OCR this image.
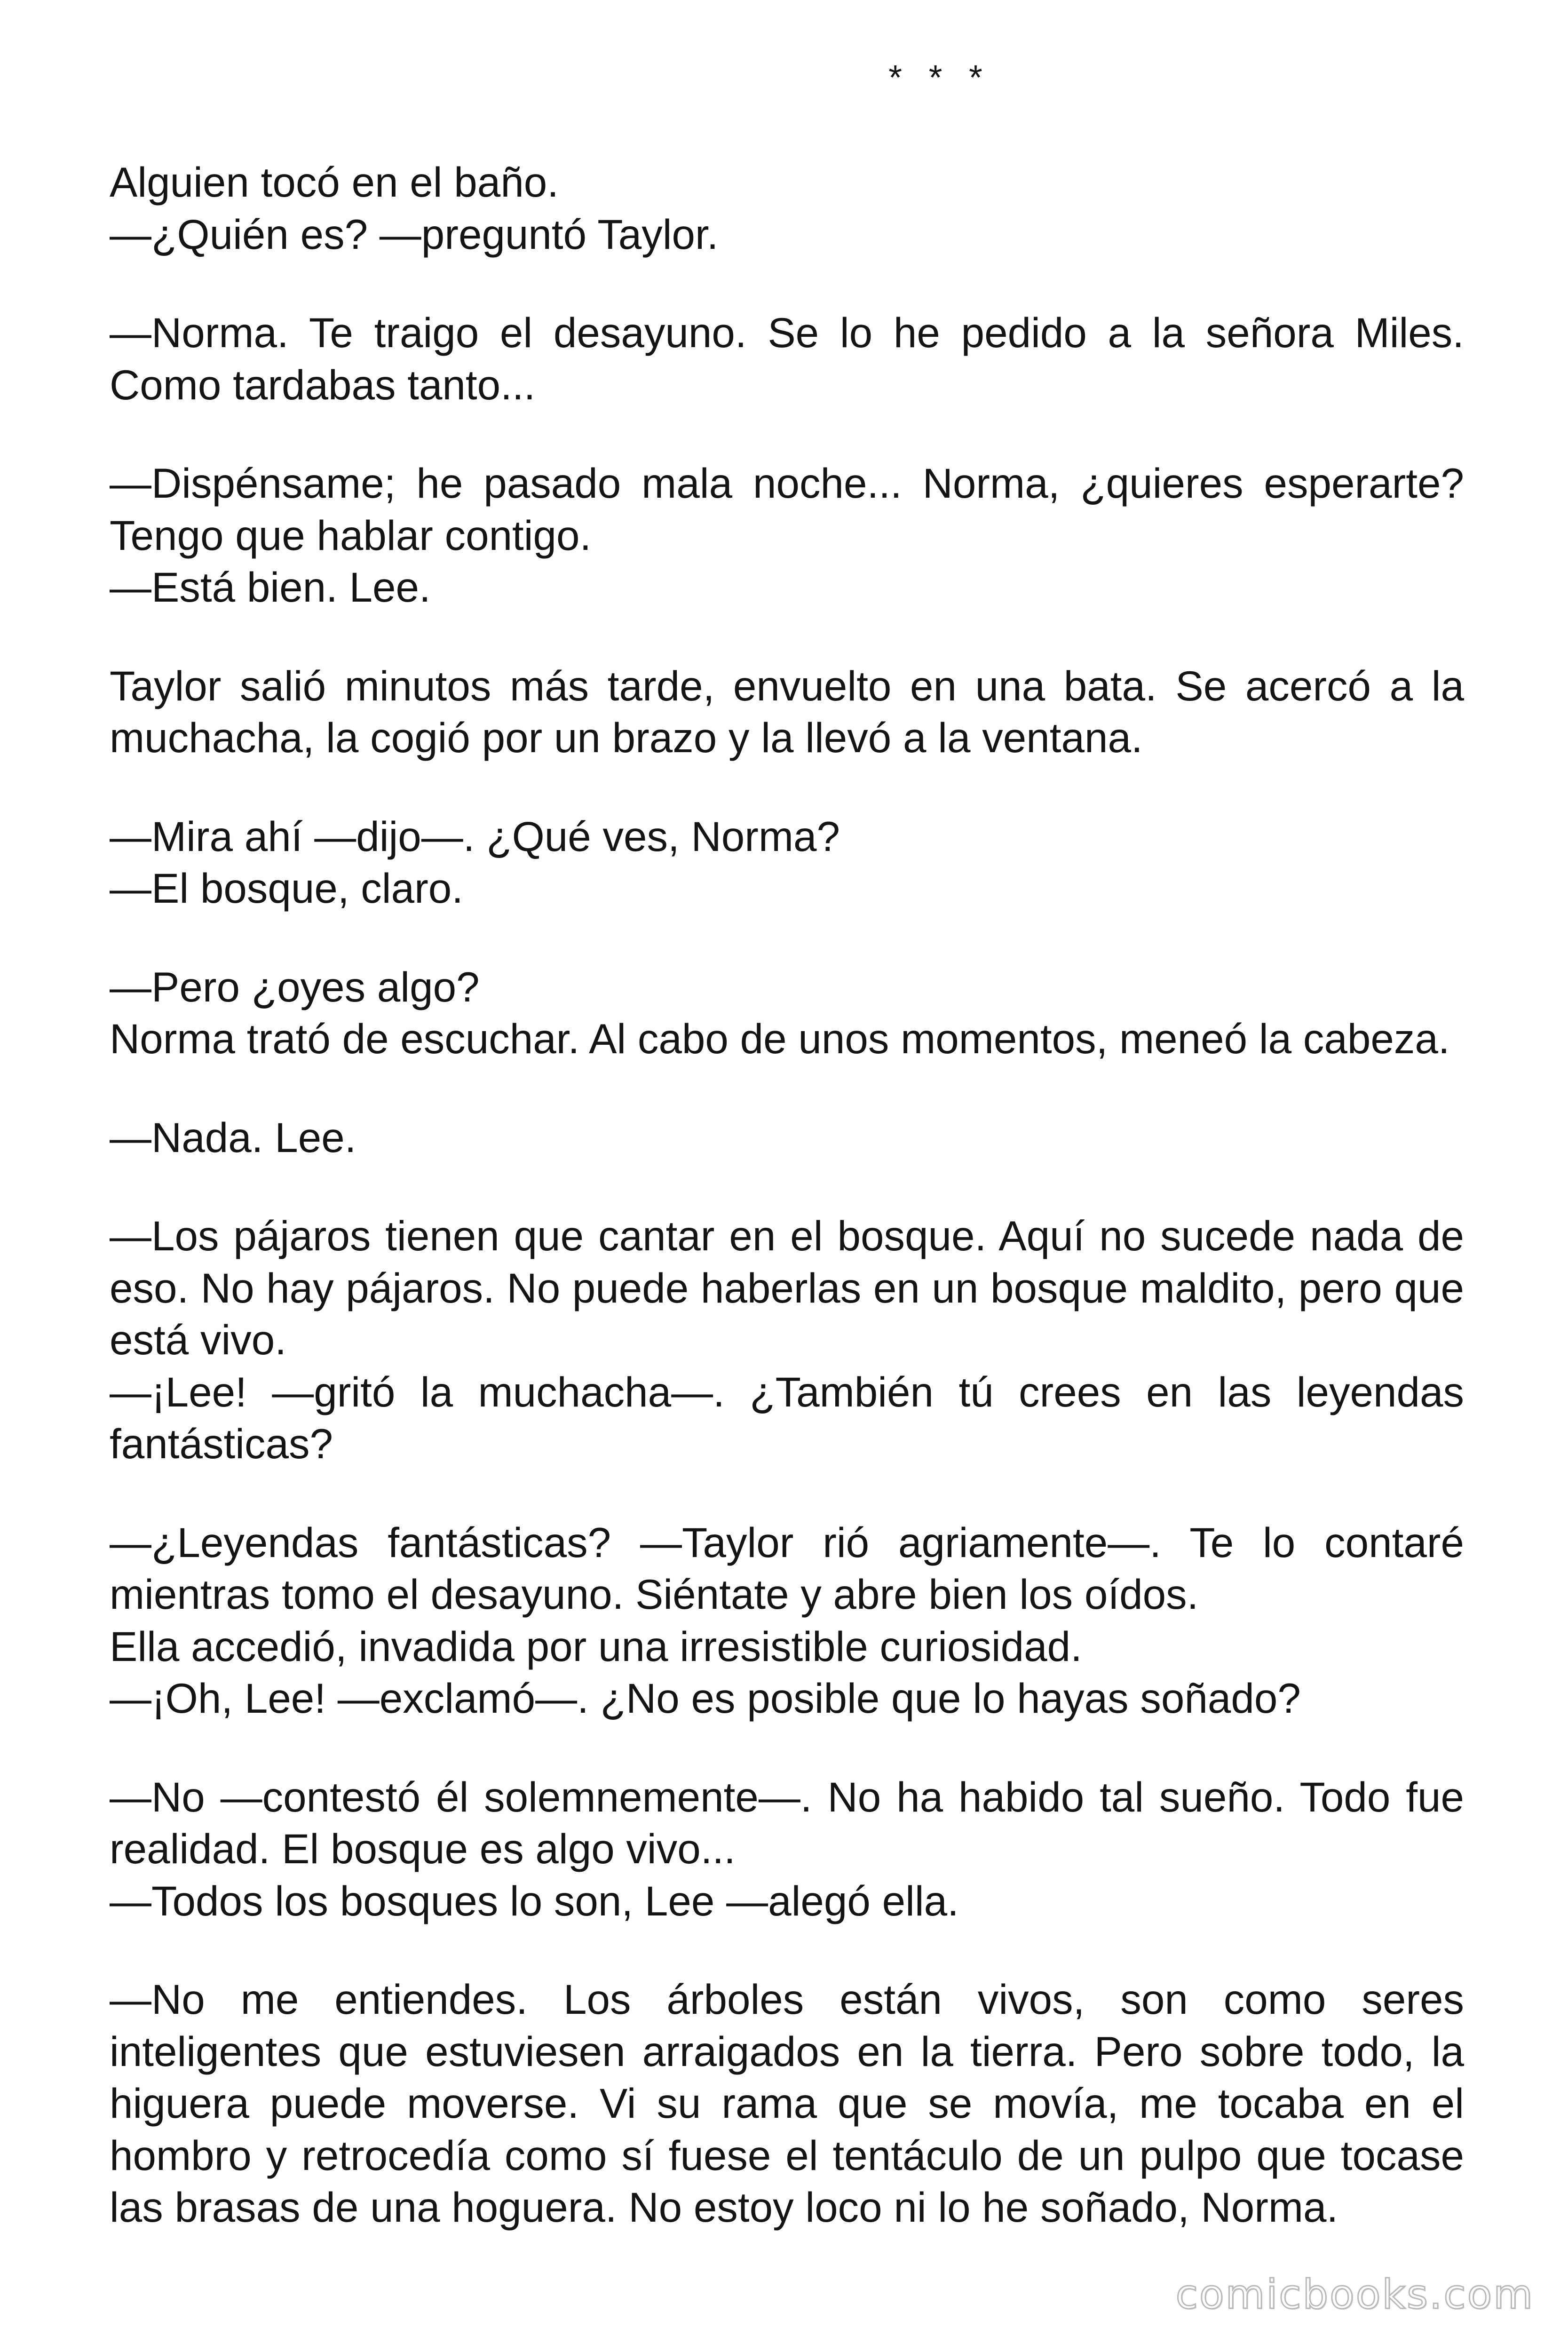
* * *

Alguien tocó en el baño.

—¿Quién es? —preguntó Taylor.

—Norma. Te traigo el desayuno. Se lo he pedido a la señora Miles. Como tardabas tanto...

—Dispénsame; he pasado mala noche... Norma, ¿quieres esperarte? Tengo que hablar contigo.

—Está bien. Lee.

Taylor salió minutos más tarde, envuelto en una bata. Se acercó a la muchacha, la cogió por un brazo y la llevó a la ventana.

—Mira ahí —dijo—. ¿Qué ves, Norma?

—El bosque, claro.

—Pero ¿oyes algo?

Norma trató de escuchar. Al cabo de unos momentos, meneó la cabeza.

—Nada. Lee.

—Los pájaros tienen que cantar en el bosque. Aquí no sucede nada de eso. No hay pájaros. No puede haberlas en un bosque maldito, pero que está vivo.

—¡Lee! —gritó la muchacha—. ¿También tú crees en las leyendas fantásticas?

—¿Leyendas fantásticas? —Taylor rió agriamente—. Te lo contaré mientras tomo el desayuno. Siéntate y abre bien los oídos.

Ella accedió, invadida por una irresistible curiosidad.

—¡Oh, Lee! —exclamó—. ¿No es posible que lo hayas soñado?

—No —contestó él solemnemente—. No ha habido tal sueño. Todo fue realidad. El bosque es algo vivo...

—Todos los bosques lo son, Lee —alegó ella.

—No me entiendes. Los árboles están vivos, son como seres inteligentes que estuviesen arraigados en la tierra. Pero sobre todo, la higuera puede moverse. Vi su rama que se movía, me tocaba en el hombro y retrocedía como sí fuese el tentáculo de un pulpo que tocase las brasas de una hoguera. No estoy loco ni lo he soñado, Norma.

comicbooks.com
